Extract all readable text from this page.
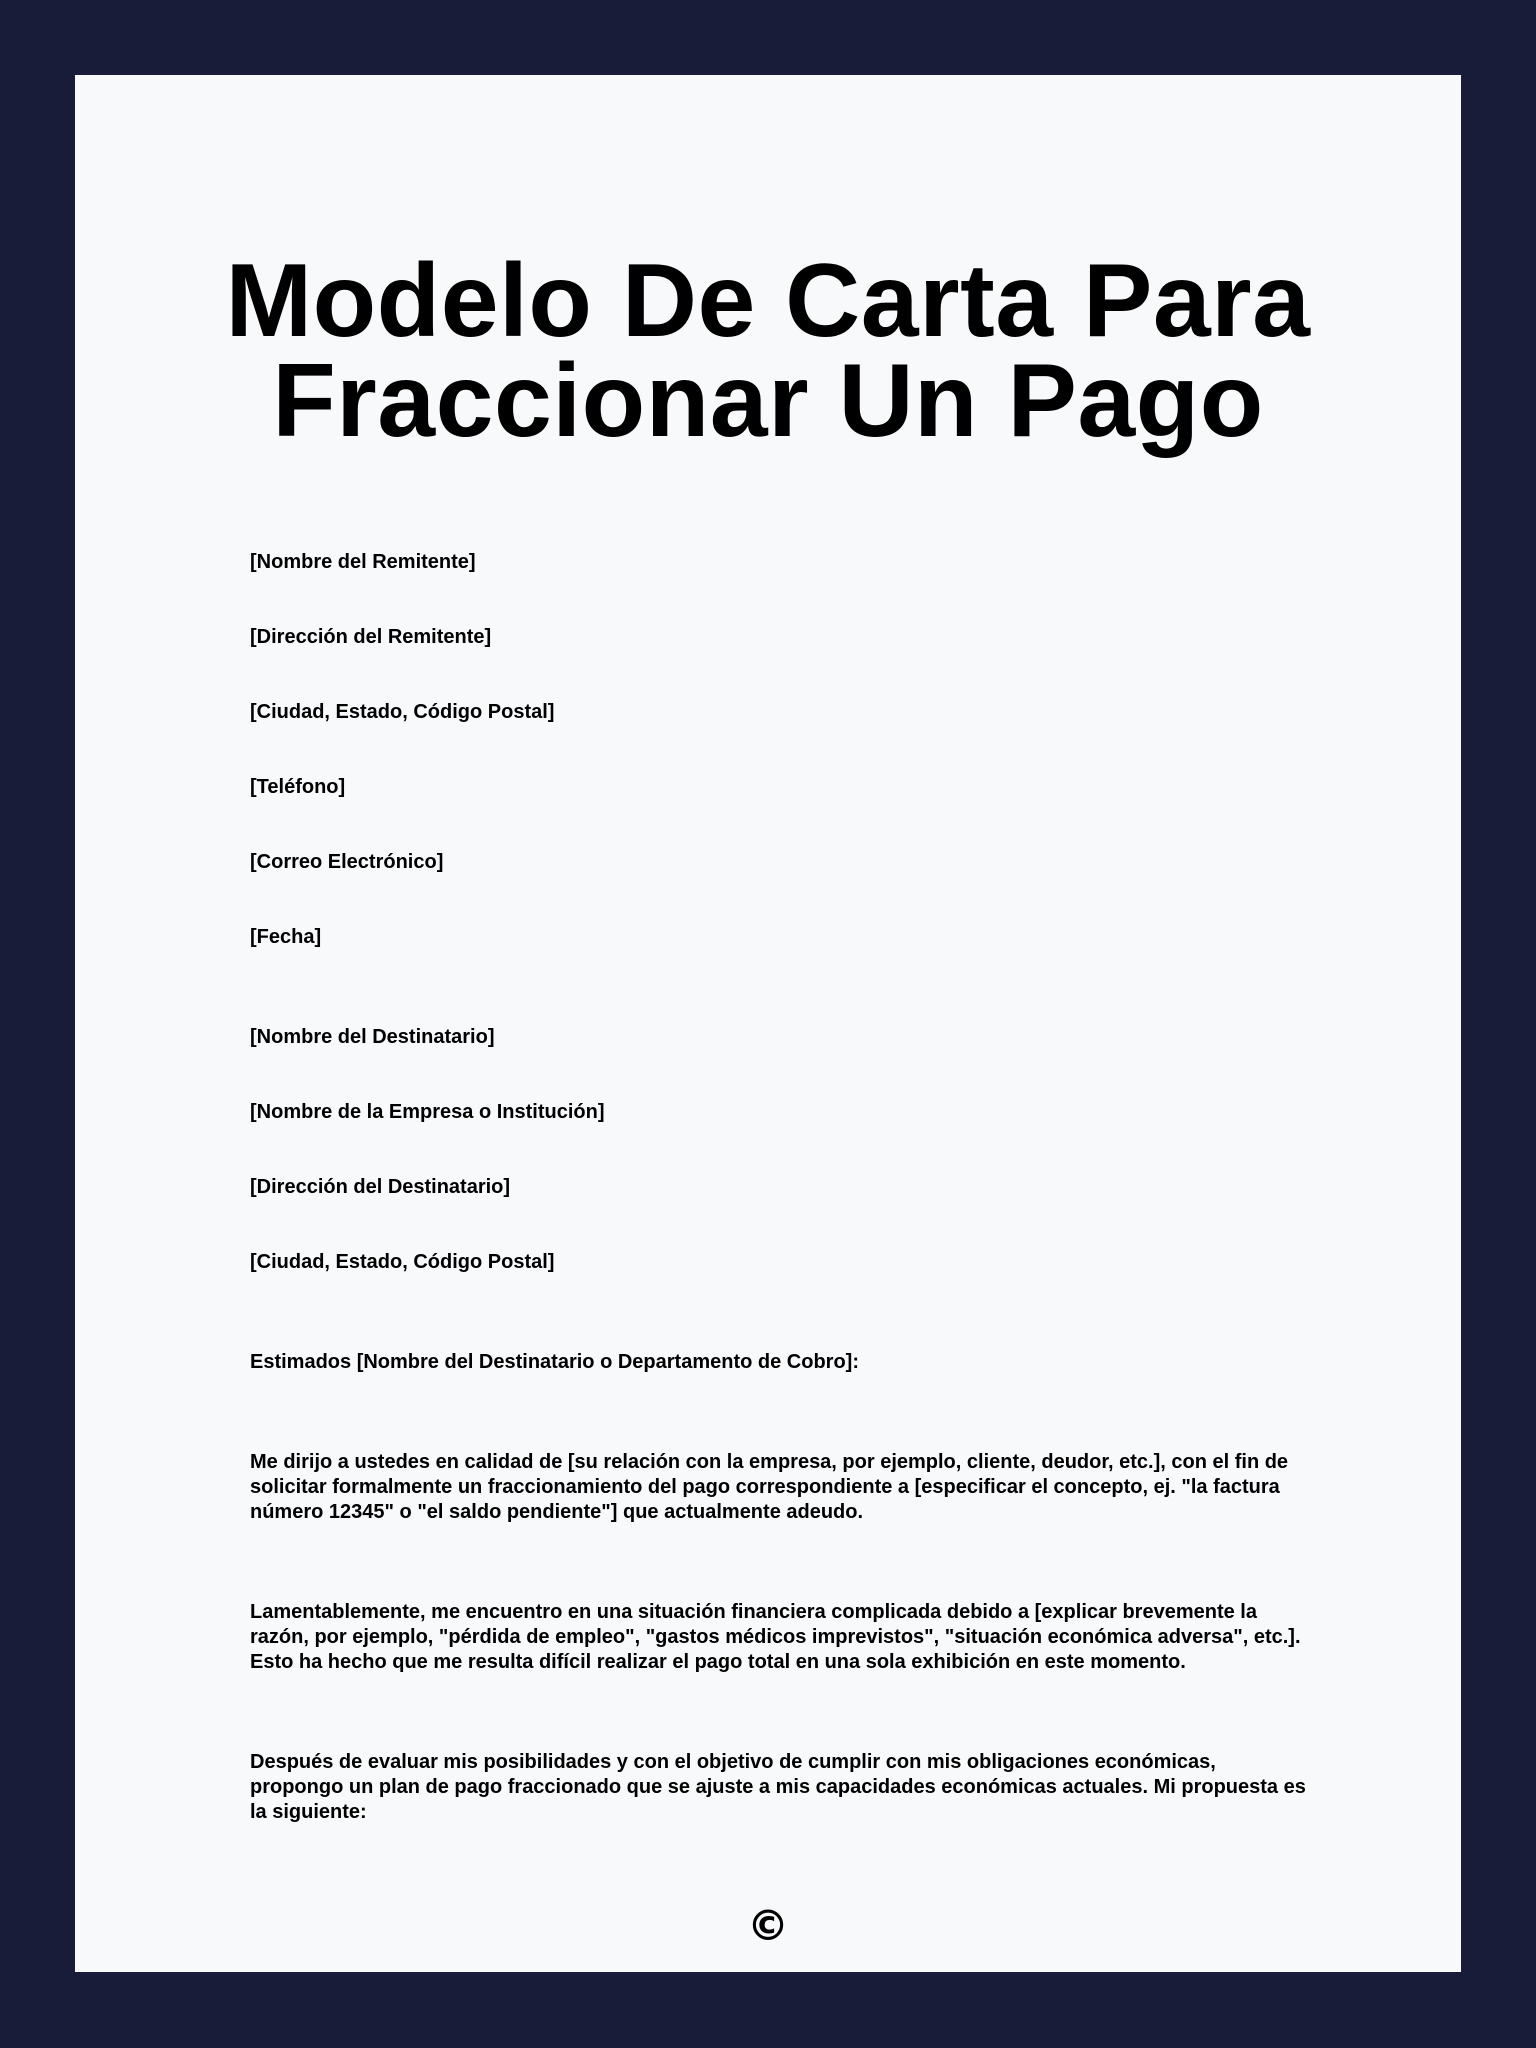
Modelo De Carta Para
Fraccionar Un Pago

[Nombre del Remitente]

[Dirección del Remitente]

[Ciudad, Estado, Código Postal]

[Teléfono]

[Correo Electrónico]

[Fecha]

[Nombre del Destinatario]

[Nombre de la Empresa o Institución]

[Dirección del Destinatario]

[Ciudad, Estado, Código Postal]

Estimados [Nombre del Destinatario o Departamento de Cobro]:

Me dirijo a ustedes en calidad de [su relación con la empresa, por ejemplo, cliente, deudor, etc.], con el fin de solicitar formalmente un fraccionamiento del pago correspondiente a [especificar el concepto, ej. "la factura número 12345" o "el saldo pendiente"] que actualmente adeudo.

Lamentablemente, me encuentro en una situación financiera complicada debido a [explicar brevemente la razón, por ejemplo, "pérdida de empleo", "gastos médicos imprevistos", "situación económica adversa", etc.]. Esto ha hecho que me resulta difícil realizar el pago total en una sola exhibición en este momento.

Después de evaluar mis posibilidades y con el objetivo de cumplir con mis obligaciones económicas, propongo un plan de pago fraccionado que se ajuste a mis capacidades económicas actuales. Mi propuesta es la siguiente:

©
